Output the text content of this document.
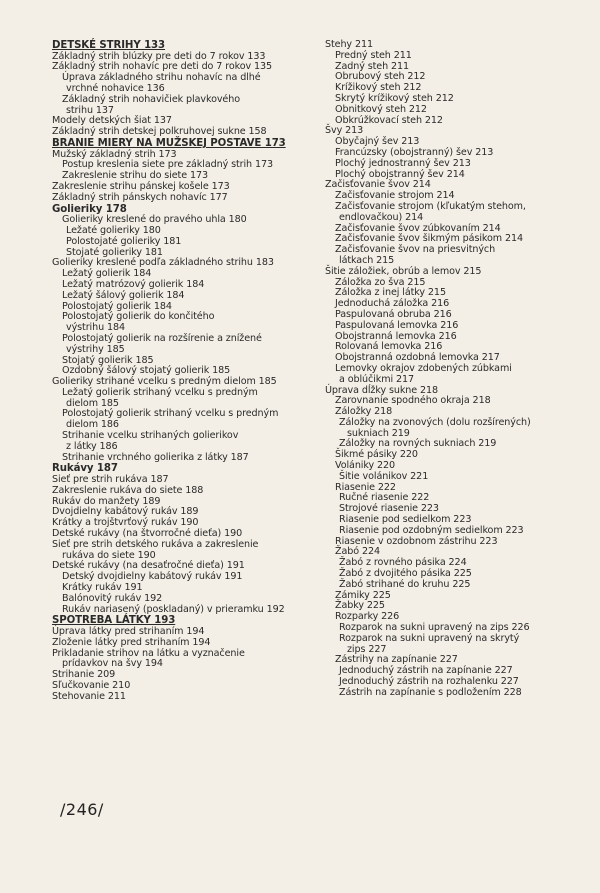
DETSKÉ STRIHY 133
Základný strih blúzky pre deti do 7 rokov 133
Základný strih nohavíc pre deti do 7 rokov 135
Úprava základného strihu nohavíc na dlhé
vrchné nohavice 136
Základný strih nohavičiek plavkového
strihu 137
Modely detských šiat 137
Základný strih detskej polkruhovej sukne 158
BRANIE MIERY NA MUŽSKEJ POSTAVE 173
Mužský základný strih 173
Postup kreslenia siete pre základný strih 173
Zakreslenie strihu do siete 173
Zakreslenie strihu pánskej košele 173
Základný strih pánskych nohavíc 177
Golieriky 178
Golieriky kreslené do pravého uhla 180
Ležaté golieriky 180
Polostojaté golieriky 181
Stojaté golieriky 181
Golieriky kreslené podľa základného strihu 183
Ležatý golierik 184
Ležatý matrózový golierik 184
Ležatý šálový golierik 184
Polostojatý golierik 184
Polostojatý golierik do končitého
výstrihu 184
Polostojatý golierik na rozšírenie a znížené
výstrihy 185
Stojatý golierik 185
Ozdobný šálový stojatý golierik 185
Golieriky strihané vcelku s predným dielom 185
Ležatý golierik strihaný vcelku s predným
dielom 185
Polostojatý golierik strihaný vcelku s predným
dielom 186
Strihanie vcelku strihaných golierikov
z látky 186
Strihanie vrchného golierika z látky 187
Rukávy 187
Sieť pre strih rukáva 187
Zakreslenie rukáva do siete 188
Rukáv do manžety 189
Dvojdielny kabátový rukáv 189
Krátky a trojštvrťový rukáv 190
Detské rukávy (na štvorročné dieťa) 190
Sieť pre strih detského rukáva a zakreslenie
rukáva do siete 190
Detské rukávy (na desaťročné dieťa) 191
Detský dvojdielny kabátový rukáv 191
Krátky rukáv 191
Balónovitý rukáv 192
Rukáv nariasený (poskladaný) v prieramku 192
SPOTREBA LÁTKY 193
Úprava látky pred strihaním 194
Zloženie látky pred strihaním 194
Prikladanie strihov na látku a vyznačenie
prídavkov na švy 194
Strihanie 209
Sľučkovanie 210
Stehovanie 211
Stehy 211
Predný steh 211
Zadný steh 211
Obrubový steh 212
Krížikový steh 212
Skrytý krížikový steh 212
Obnitkový steh 212
Obkrúžkovací steh 212
Švy 213
Obyčajný šev 213
Francúzsky (obojstranný) šev 213
Plochý jednostranný šev 213
Plochý obojstranný šev 214
Začisťovanie švov 214
Začisťovanie strojom 214
Začisťovanie strojom (kľukatým stehom,
endlovačkou) 214
Začisťovanie švov zúbkovaním 214
Začisťovanie švov šikmým pásikom 214
Začisťovanie švov na priesvitných
látkach 215
Šitie záložiek, obrúb a lemov 215
Záložka zo šva 215
Záložka z inej látky 215
Jednoduchá záložka 216
Paspulovaná obruba 216
Paspulovaná lemovka 216
Obojstranná lemovka 216
Rolovaná lemovka 216
Obojstranná ozdobná lemovka 217
Lemovky okrajov zdobených zúbkami
a oblúčikmi 217
Úprava dĺžky sukne 218
Zarovnanie spodného okraja 218
Záložky 218
Záložky na zvonových (dolu rozšírených)
sukniach 219
Záložky na rovných sukniach 219
Šikmé pásiky 220
Volániky 220
Šitie volánikov 221
Riasenie 222
Ručné riasenie 222
Strojové riasenie 223
Riasenie pod sedielkom 223
Riasenie pod ozdobným sedielkom 223
Riasenie v ozdobnom zástrihu 223
Žabó 224
Žabó z rovného pásika 224
Žabó z dvojitého pásika 225
Žabó strihané do kruhu 225
Zámiky 225
Žabky 225
Rozparky 226
Rozparok na sukni upravený na zips 226
Rozparok na sukni upravený na skrytý
zips 227
Zástrihy na zapínanie 227
Jednoduchý zástrih na zapínanie 227
Jednoduchý zástrih na rozhalenku 227
Zástrih na zapínanie s podložením 228
/246/
